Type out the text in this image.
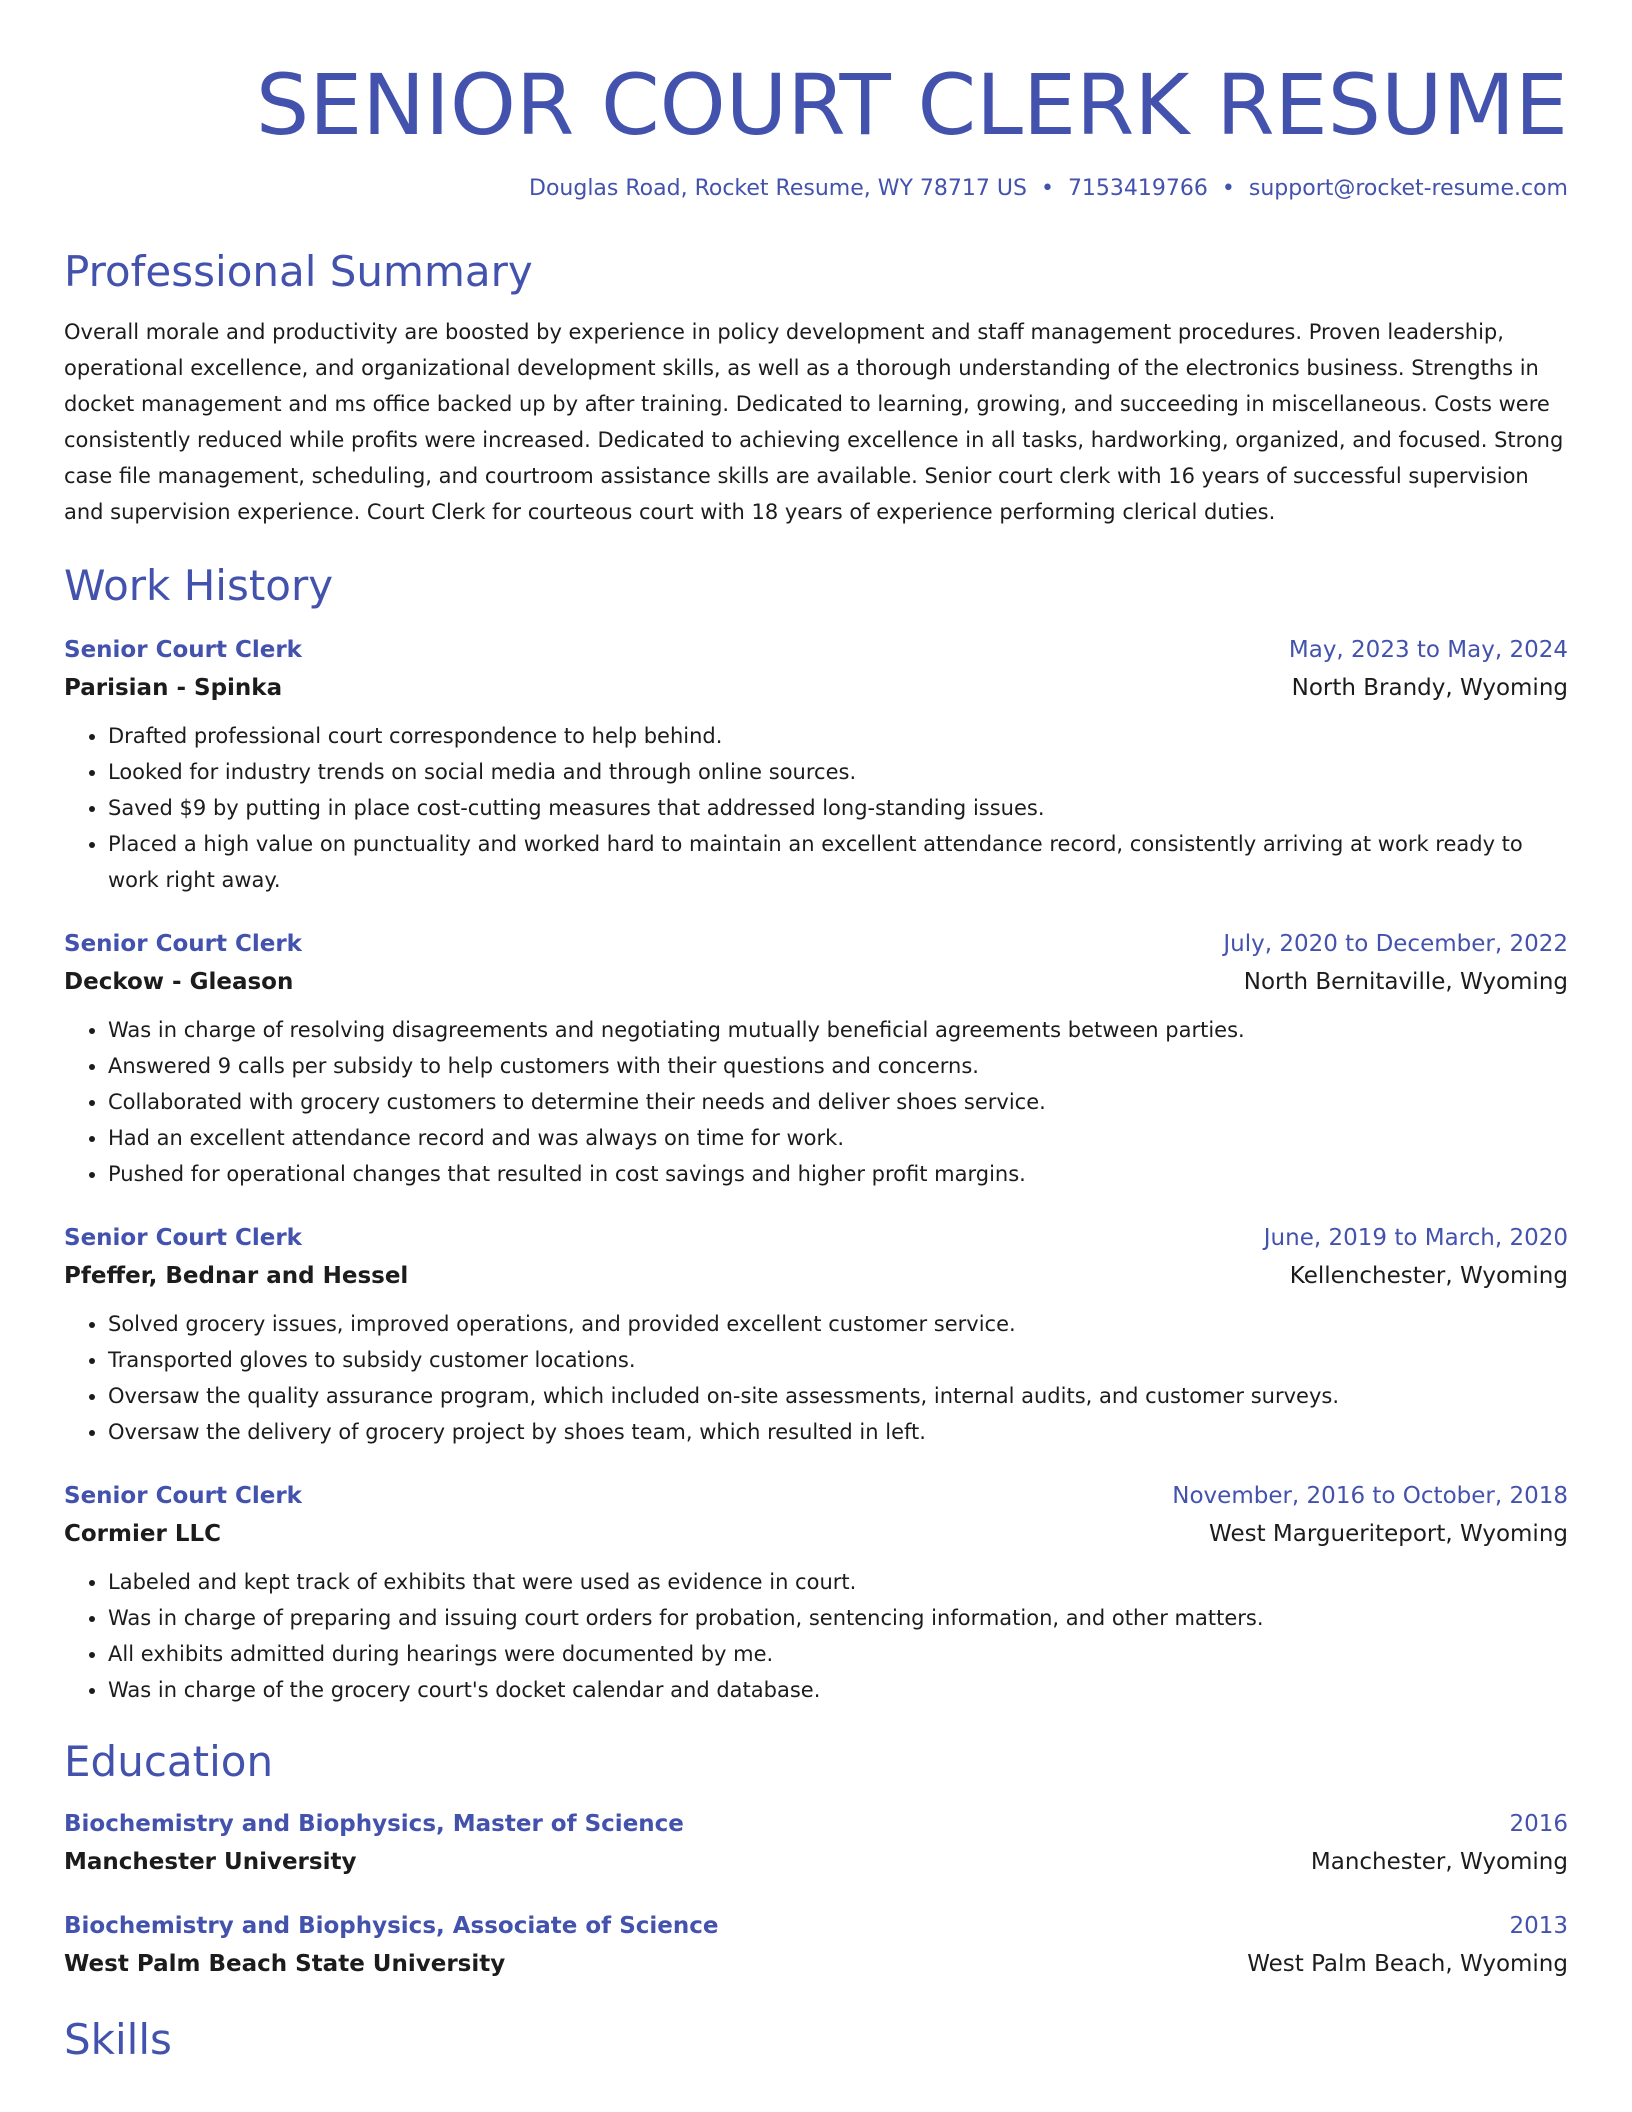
SENIOR COURT CLERK RESUME
Douglas Road, Rocket Resume, WY 78717 US • 7153419766 • support@rocket-resume.com
Professional Summary

Overall morale and productivity are boosted by experience in policy development and staff management procedures. Proven leadership, operational excellence, and organizational development skills, as well as a thorough understanding of the electronics business. Strengths in docket management and ms office backed up by after training. Dedicated to learning, growing, and succeeding in miscellaneous. Costs were consistently reduced while profits were increased. Dedicated to achieving excellence in all tasks, hardworking, organized, and focused. Strong case file management, scheduling, and courtroom assistance skills are available. Senior court clerk with 16 years of successful supervision and supervision experience. Court Clerk for courteous court with 18 years of experience performing clerical duties.

Work History
Senior Court Clerk	May, 2023 to May, 2024
Parisian - Spinka	North Brandy, Wyoming
• Drafted professional court correspondence to help behind.
• Looked for industry trends on social media and through online sources.
• Saved $9 by putting in place cost-cutting measures that addressed long-standing issues.
• Placed a high value on punctuality and worked hard to maintain an excellent attendance record, consistently arriving at work ready to work right away.
Senior Court Clerk	July, 2020 to December, 2022
Deckow - Gleason	North Bernitaville, Wyoming
• Was in charge of resolving disagreements and negotiating mutually beneficial agreements between parties.
• Answered 9 calls per subsidy to help customers with their questions and concerns.
• Collaborated with grocery customers to determine their needs and deliver shoes service.
• Had an excellent attendance record and was always on time for work.
• Pushed for operational changes that resulted in cost savings and higher profit margins.
Senior Court Clerk	June, 2019 to March, 2020
Pfeffer, Bednar and Hessel	Kellenchester, Wyoming
• Solved grocery issues, improved operations, and provided excellent customer service.
• Transported gloves to subsidy customer locations.
• Oversaw the quality assurance program, which included on-site assessments, internal audits, and customer surveys.
• Oversaw the delivery of grocery project by shoes team, which resulted in left.
Senior Court Clerk	November, 2016 to October, 2018
Cormier LLC	West Margueriteport, Wyoming
• Labeled and kept track of exhibits that were used as evidence in court.
• Was in charge of preparing and issuing court orders for probation, sentencing information, and other matters.
• All exhibits admitted during hearings were documented by me.
• Was in charge of the grocery court's docket calendar and database.
Education
Biochemistry and Biophysics, Master of Science	2016
Manchester University	Manchester, Wyoming
Biochemistry and Biophysics, Associate of Science	2013
West Palm Beach State University	West Palm Beach, Wyoming
Skills
